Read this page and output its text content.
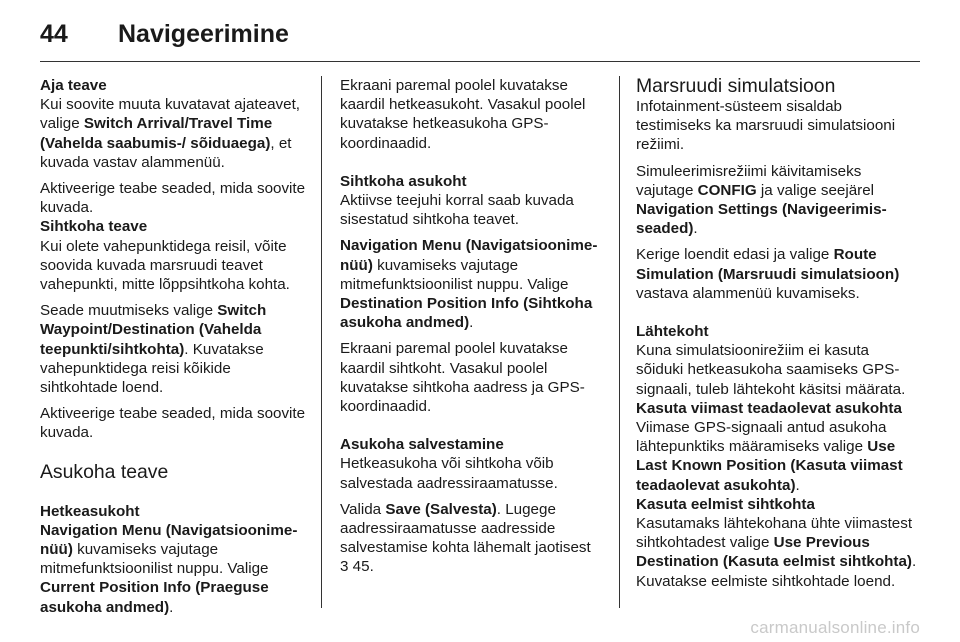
44 Navigeerimine

Aja teave

Kui soovite muuta kuvatavat ajateavet, valige Switch Arrival/Travel Time (Vahelda saabumis-/ sõiduaega), et kuvada vastav alammenüü.

Aktiveerige teabe seaded, mida soovite kuvada.

Sihtkoha teave

Kui olete vahepunktidega reisil, võite soovida kuvada marsruudi teavet vahepunkti, mitte lõppsihtkoha kohta.

Seade muutmiseks valige Switch Waypoint/Destination (Vahelda teepunkti/sihtkohta). Kuvatakse vahepunktidega reisi kõikide sihtkohtade loend.

Aktiveerige teabe seaded, mida soovite kuvada.

Asukoha teave

Hetkeasukoht

Navigation Menu (Navigatsioonime-nüü) kuvamiseks vajutage mitmefunktsioonilist nuppu. Valige Current Position Info (Praeguse asukoha andmed).

Ekraani paremal poolel kuvatakse kaardil hetkeasukoht. Vasakul poolel kuvatakse hetkeasukoha GPS-koordinaadid.

Sihtkoha asukoht

Aktiivse teejuhi korral saab kuvada sisestatud sihtkoha teavet.

Navigation Menu (Navigatsioonime-nüü) kuvamiseks vajutage mitmefunktsioonilist nuppu. Valige Destination Position Info (Sihtkoha asukoha andmed).

Ekraani paremal poolel kuvatakse kaardil sihtkoht. Vasakul poolel kuvatakse sihtkoha aadress ja GPS-koordinaadid.

Asukoha salvestamine

Hetkeasukoha või sihtkoha võib salvestada aadressiraamatusse.

Valida Save (Salvesta). Lugege aadressiraamatusse aadresside salvestamise kohta lähemalt jaotisest
3 45.

Marsruudi simulatsioon

Infotainment-süsteem sisaldab testimiseks ka marsruudi simulatsiooni režiimi.

Simuleerimisrežiimi käivitamiseks vajutage CONFIG ja valige seejärel Navigation Settings (Navigeerimis-seaded).

Kerige loendit edasi ja valige Route Simulation (Marsruudi simulatsioon) vastava alammenüü kuvamiseks.

Lähtekoht

Kuna simulatsioonirežiim ei kasuta sõiduki hetkeasukoha saamiseks GPS-signaali, tuleb lähtekoht käsitsi määrata.

Kasuta viimast teadaolevat asukohta

Viimase GPS-signaali antud asukoha lähtepunktiks määramiseks valige Use Last Known Position (Kasuta viimast teadaolevat asukohta).

Kasuta eelmist sihtkohta

Kasutamaks lähtekohana ühte viimastest sihtkohtadest valige Use Previous Destination (Kasuta eelmist sihtkohta). Kuvatakse eelmiste sihtkohtade loend.

carmanualsonline.info
